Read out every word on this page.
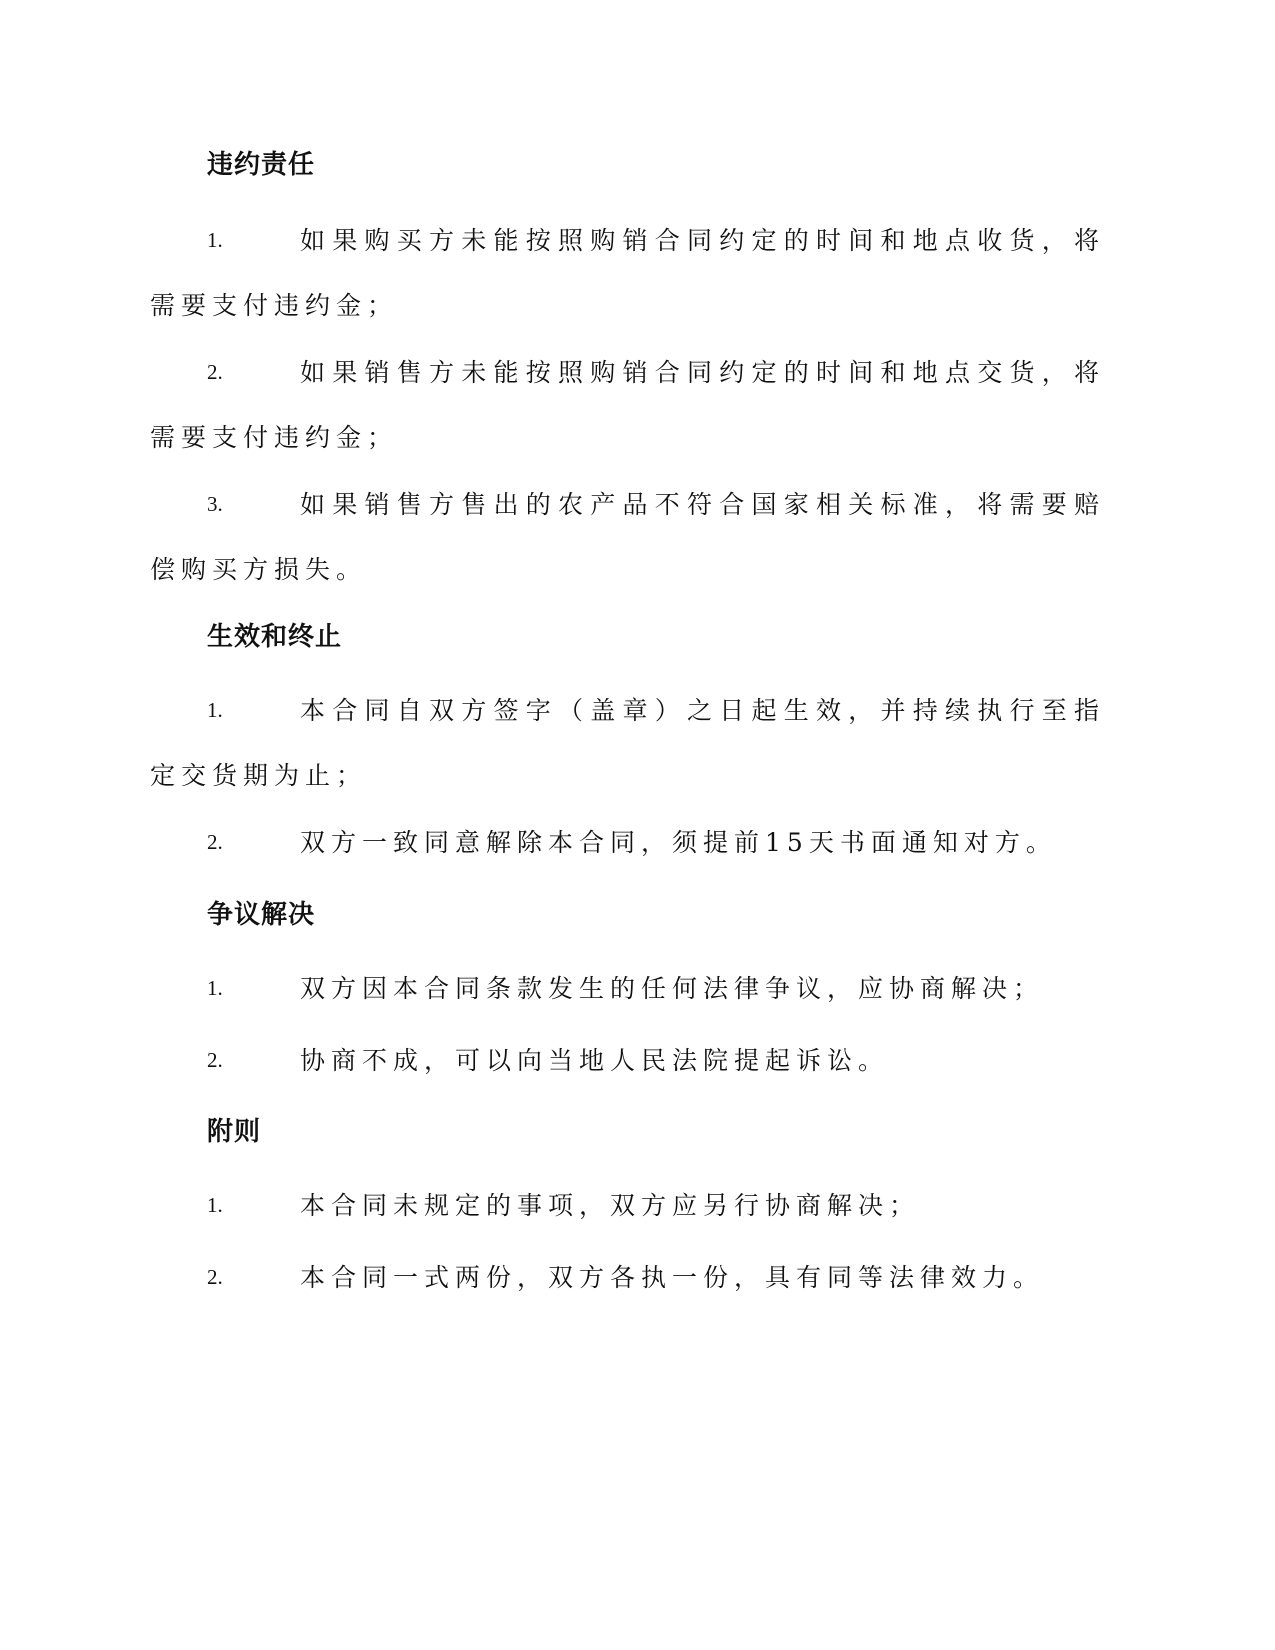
违约责任

1.	如果购买方未能按照购销合同约定的时间和地点收货，将需要支付违约金；

2.	如果销售方未能按照购销合同约定的时间和地点交货，将需要支付违约金；

3.	如果销售方售出的农产品不符合国家相关标准，将需要赔偿购买方损失。

生效和终止

1.	本合同自双方签字（盖章）之日起生效，并持续执行至指定交货期为止；

2.	双方一致同意解除本合同，须提前15天书面通知对方。

争议解决

1.	双方因本合同条款发生的任何法律争议，应协商解决；

2.	协商不成，可以向当地人民法院提起诉讼。

附则

1.	本合同未规定的事项，双方应另行协商解决；

2.	本合同一式两份，双方各执一份，具有同等法律效力。
